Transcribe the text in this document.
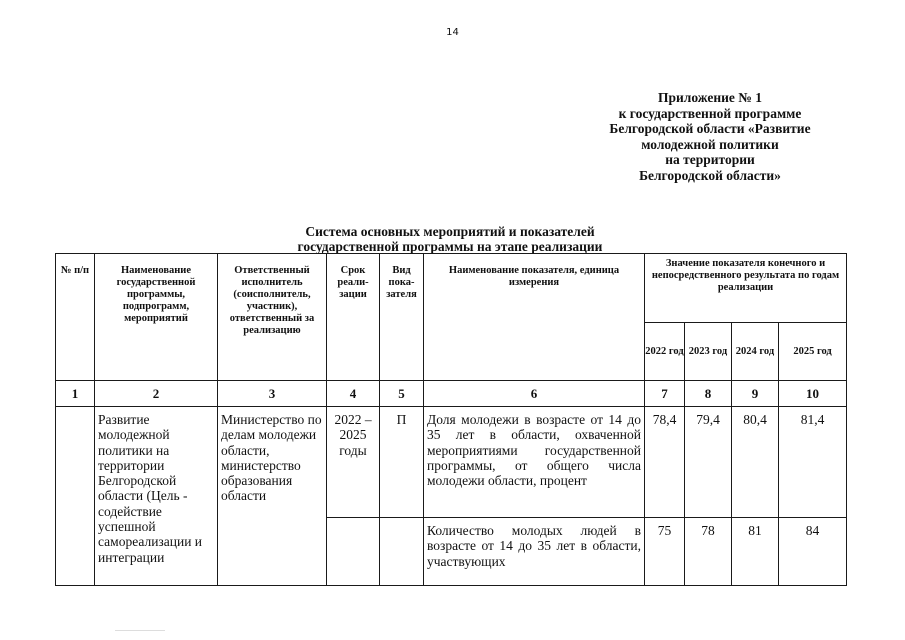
14
Приложение № 1
к государственной программе
Белгородской области «Развитие
молодежной политики
на территории
Белгородской области»
Система основных мероприятий и показателей
государственной программы на этапе реализации
№ п/п	Наименование государственной программы, подпрограмм, мероприятий	Ответственный исполнитель (соисполнитель, участник), ответственный за реализацию	Срок реали-зации	Вид пока-зателя	Наименование показателя, единица измерения	Значение показателя конечного и непосредственного результата по годам реализации			
						2022 год	2023 год	2024 год	2025 год
1	2	3	4	5	6	7	8	9	10
	Развитие молодежной политики на территории Белгородской области (Цель - содействие успешной самореализации и интеграции	Министерство по делам молодежи области, министерство образования области	2022 – 2025 годы	П	Доля молодежи в возрасте от 14 до 35 лет в области, охваченной мероприятиями государственной программы, от общего числа молодежи области, процент	78,4	79,4	80,4	81,4
					Количество молодых людей в возрасте от 14 до 35 лет в области, участвующих	75	78	81	84
